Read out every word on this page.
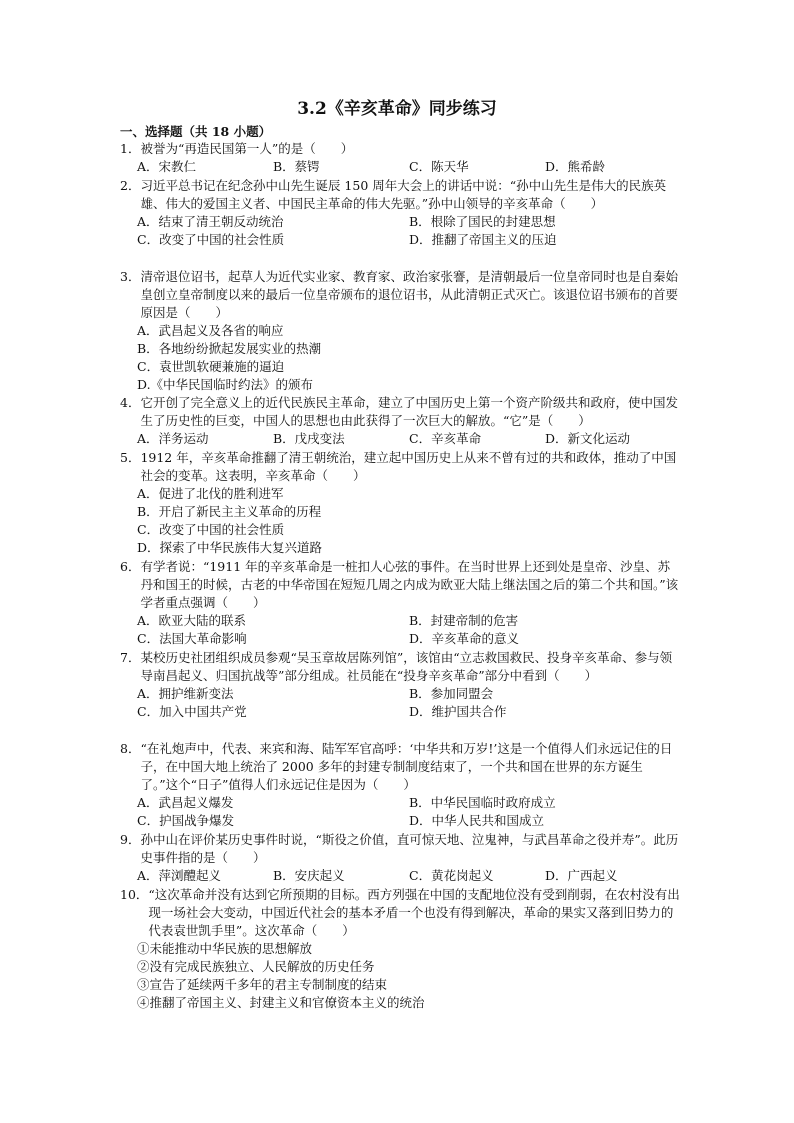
3.2《辛亥革命》同步练习
一、选择题（共 18 小题）
1． 被誉为“再造民国第一人”的是（　　）
A．宋教仁	B．蔡锷	C．陈天华	D．熊希龄
2． 习近平总书记在纪念孙中山先生诞辰 150 周年大会上的讲话中说：“孙中山先生是伟大的民族英雄、伟大的爱国主义者、中国民主革命的伟大先驱。”孙中山领导的辛亥革命（　　）
A．结束了清王朝反动统治	B．根除了国民的封建思想
C．改变了中国的社会性质	D．推翻了帝国主义的压迫
3． 清帝退位诏书，起草人为近代实业家、教育家、政治家张謇，是清朝最后一位皇帝同时也是自秦始皇创立皇帝制度以来的最后一位皇帝颁布的退位诏书，从此清朝正式灭亡。该退位诏书颁布的首要原因是（　　）
A．武昌起义及各省的响应
B．各地纷纷掀起发展实业的热潮
C．袁世凯软硬兼施的逼迫
D.《中华民国临时约法》的颁布
4． 它开创了完全意义上的近代民族民主革命，建立了中国历史上第一个资产阶级共和政府，使中国发生了历史性的巨变，中国人的思想也由此获得了一次巨大的解放。“它”是（　　）
A．洋务运动	B．戊戌变法	C．辛亥革命	D．新文化运动
5． 1912 年，辛亥革命推翻了清王朝统治，建立起中国历史上从来不曾有过的共和政体，推动了中国社会的变革。这表明，辛亥革命（　　）
A．促进了北伐的胜利进军
B．开启了新民主主义革命的历程
C．改变了中国的社会性质
D．探索了中华民族伟大复兴道路
6． 有学者说：“1911 年的辛亥革命是一桩扣人心弦的事件。在当时世界上还到处是皇帝、沙皇、苏丹和国王的时候，古老的中华帝国在短短几周之内成为欧亚大陆上继法国之后的第二个共和国。”该学者重点强调（　　）
A．欧亚大陆的联系	B．封建帝制的危害
C．法国大革命影响	D．辛亥革命的意义
7． 某校历史社团组织成员参观“吴玉章故居陈列馆”，该馆由“立志救国救民、投身辛亥革命、参与领导南昌起义、归国抗战等”部分组成。社员能在“投身辛亥革命”部分中看到（　　）
A．拥护维新变法	B．参加同盟会
C．加入中国共产党	D．维护国共合作
8． “在礼炮声中，代表、来宾和海、陆军军官高呼：‘中华共和万岁!’这是一个值得人们永远记住的日子，在中国大地上统治了 2000 多年的封建专制制度结束了，一个共和国在世界的东方诞生了。”这个“日子”值得人们永远记住是因为（　　）
A．武昌起义爆发	B．中华民国临时政府成立
C．护国战争爆发	D．中华人民共和国成立
9． 孙中山在评价某历史事件时说，“斯役之价值，直可惊天地、泣鬼神，与武昌革命之役并寿”。此历史事件指的是（　　）
A．萍浏醴起义	B．安庆起义	C．黄花岗起义	D．广西起义
10． “这次革命并没有达到它所预期的目标。西方列强在中国的支配地位没有受到削弱，在农村没有出现一场社会大变动，中国近代社会的基本矛盾一个也没有得到解决，革命的果实又落到旧势力的代表袁世凯手里”。这次革命（　　）
①未能推动中华民族的思想解放
②没有完成民族独立、人民解放的历史任务
③宣告了延续两千多年的君主专制制度的结束
④推翻了帝国主义、封建主义和官僚资本主义的统治
